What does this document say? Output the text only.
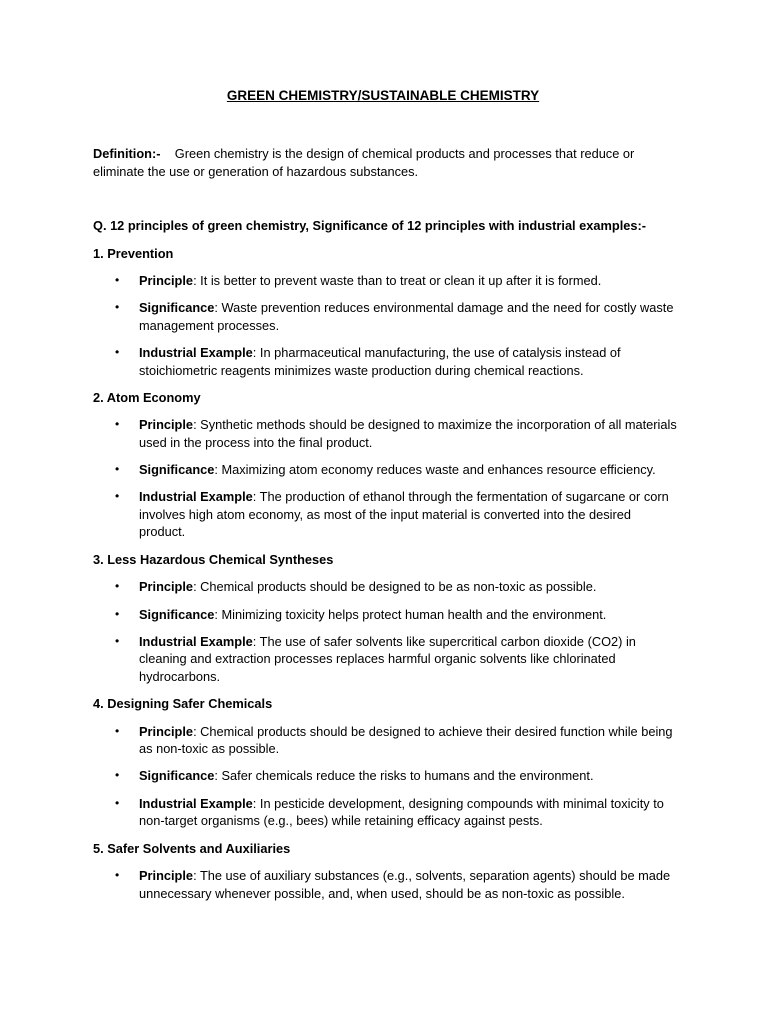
GREEN CHEMISTRY/SUSTAINABLE CHEMISTRY

Definition:- Green chemistry is the design of chemical products and processes that reduce or eliminate the use or generation of hazardous substances.

Q. 12 principles of green chemistry, Significance of 12 principles with industrial examples:-

1. Prevention

• Principle: It is better to prevent waste than to treat or clean it up after it is formed.
• Significance: Waste prevention reduces environmental damage and the need for costly waste management processes.
• Industrial Example: In pharmaceutical manufacturing, the use of catalysis instead of stoichiometric reagents minimizes waste production during chemical reactions.

2. Atom Economy

• Principle: Synthetic methods should be designed to maximize the incorporation of all materials used in the process into the final product.
• Significance: Maximizing atom economy reduces waste and enhances resource efficiency.
• Industrial Example: The production of ethanol through the fermentation of sugarcane or corn involves high atom economy, as most of the input material is converted into the desired product.

3. Less Hazardous Chemical Syntheses

• Principle: Chemical products should be designed to be as non-toxic as possible.
• Significance: Minimizing toxicity helps protect human health and the environment.
• Industrial Example: The use of safer solvents like supercritical carbon dioxide (CO2) in cleaning and extraction processes replaces harmful organic solvents like chlorinated hydrocarbons.

4. Designing Safer Chemicals

• Principle: Chemical products should be designed to achieve their desired function while being as non-toxic as possible.
• Significance: Safer chemicals reduce the risks to humans and the environment.
• Industrial Example: In pesticide development, designing compounds with minimal toxicity to non-target organisms (e.g., bees) while retaining efficacy against pests.

5. Safer Solvents and Auxiliaries

• Principle: The use of auxiliary substances (e.g., solvents, separation agents) should be made unnecessary whenever possible, and, when used, should be as non-toxic as possible.
